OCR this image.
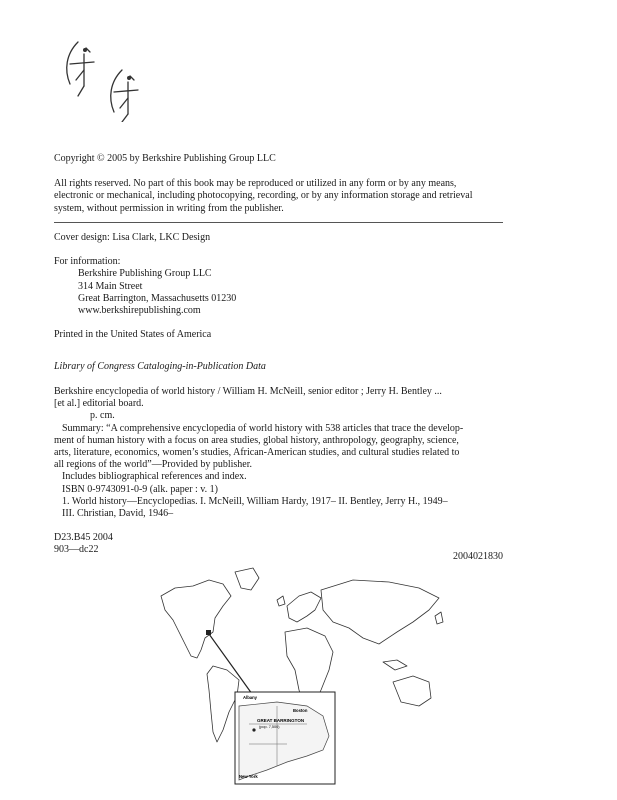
Copyright © 2005 by Berkshire Publishing Group LLC
All rights reserved. No part of this book may be reproduced or utilized in any form or by any means,
electronic or mechanical, including photocopying, recording, or by any information storage and retrieval
system, without permission in writing from the publisher.
Cover design: Lisa Clark, LKC Design
For information:
Berkshire Publishing Group LLC
314 Main Street
Great Barrington, Massachusetts 01230
www.berkshirepublishing.com
Printed in the United States of America
Library of Congress Cataloging-in-Publication Data
Berkshire encyclopedia of world history / William H. McNeill, senior editor ; Jerry H. Bentley ...
[et al.] editorial board.
p. cm.
Summary: “A comprehensive encyclopedia of world history with 538 articles that trace the develop-
ment of human history with a focus on area studies, global history, anthropology, geography, science,
arts, literature, economics, women’s studies, African-American studies, and cultural studies related to
all regions of the world”—Provided by publisher.
Includes bibliographical references and index.
ISBN 0-9743091-0-9 (alk. paper : v. 1)
1. World history—Encyclopedias. I. McNeill, William Hardy, 1917– II. Bentley, Jerry H., 1949–
III. Christian, David, 1946–
D23.B45 2004
903—dc22
2004021830
Albany
Boston
GREAT BARRINGTON
(pop. 7,500)
New York
